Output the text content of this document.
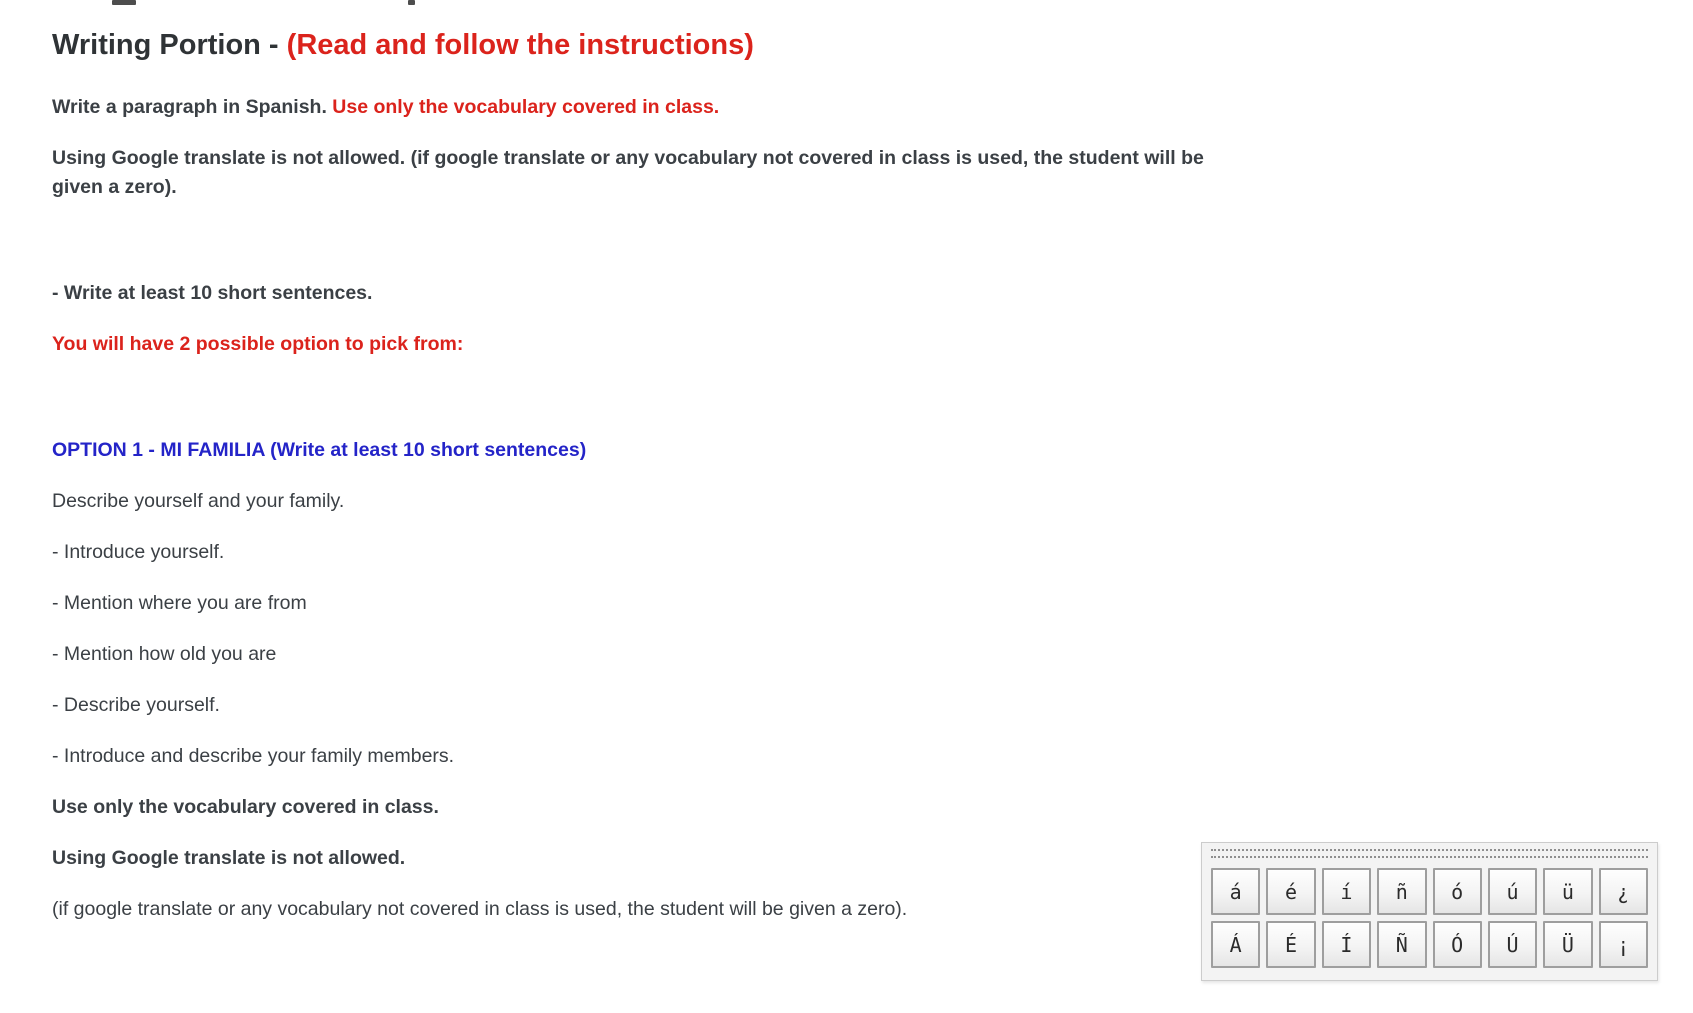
Writing Portion - (Read and follow the instructions)

Write a paragraph in Spanish. Use only the vocabulary covered in class.

Using Google translate is not allowed. (if google translate or any vocabulary not covered in class is used, the student will be
given a zero).

- Write at least 10 short sentences.

You will have 2 possible option to pick from:

OPTION 1 - MI FAMILIA (Write at least 10 short sentences)

Describe yourself and your family.

- Introduce yourself.

- Mention where you are from

- Mention how old you are

- Describe yourself.

- Introduce and describe your family members.

Use only the vocabulary covered in class.

Using Google translate is not allowed.

(if google translate or any vocabulary not covered in class is used, the student will be given a zero).

á	é	í	ñ	ó	ú	ü	¿
Á	É	Í	Ñ	Ó	Ú	Ü	¡
